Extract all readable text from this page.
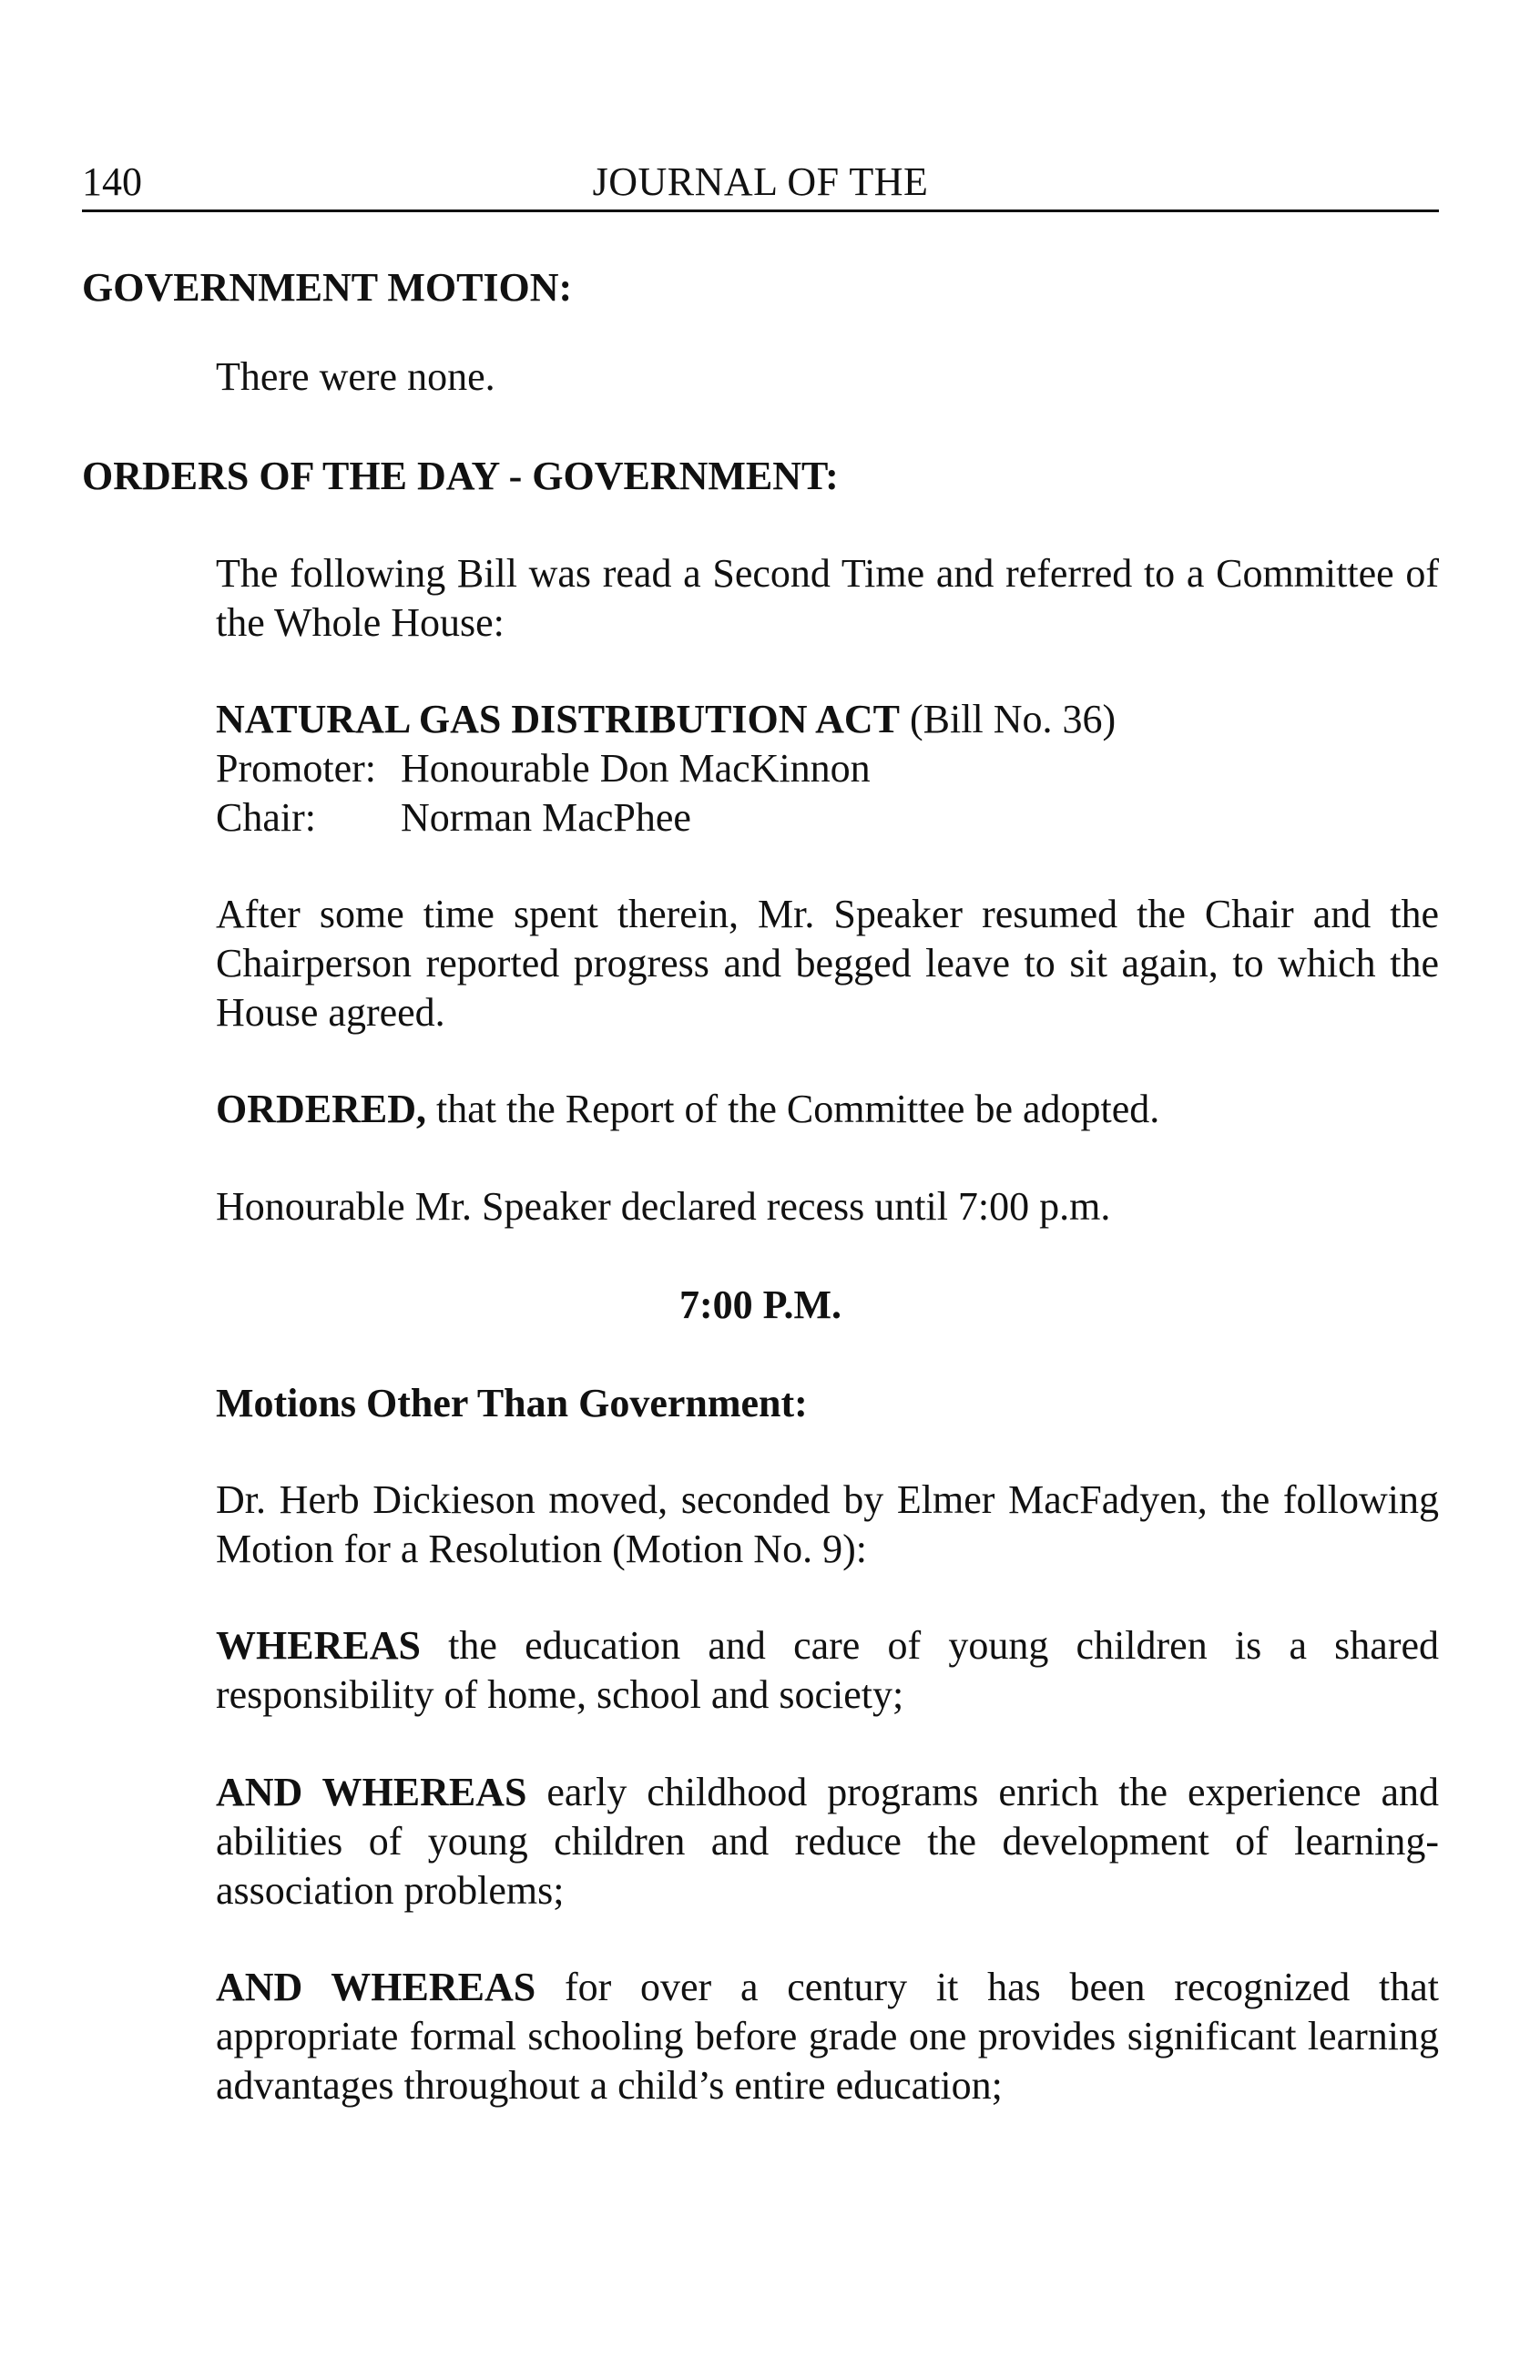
140	JOURNAL OF THE
GOVERNMENT MOTION:
There were none.
ORDERS OF THE DAY - GOVERNMENT:
The following Bill was read a Second Time and referred to a Committee of the Whole House:
NATURAL GAS DISTRIBUTION ACT (Bill No. 36)
Promoter: Honourable Don MacKinnon
Chair: Norman MacPhee
After some time spent therein, Mr. Speaker resumed the Chair and the Chairperson reported progress and begged leave to sit again, to which the House agreed.
ORDERED, that the Report of the Committee be adopted.
Honourable Mr. Speaker declared recess until 7:00 p.m.
7:00 P.M.
Motions Other Than Government:
Dr. Herb Dickieson moved, seconded by Elmer MacFadyen, the following Motion for a Resolution (Motion No. 9):
WHEREAS the education and care of young children is a shared responsibility of home, school and society;
AND WHEREAS early childhood programs enrich the experience and abilities of young children and reduce the development of learning-association problems;
AND WHEREAS for over a century it has been recognized that appropriate formal schooling before grade one provides significant learning advantages throughout a child’s entire education;
